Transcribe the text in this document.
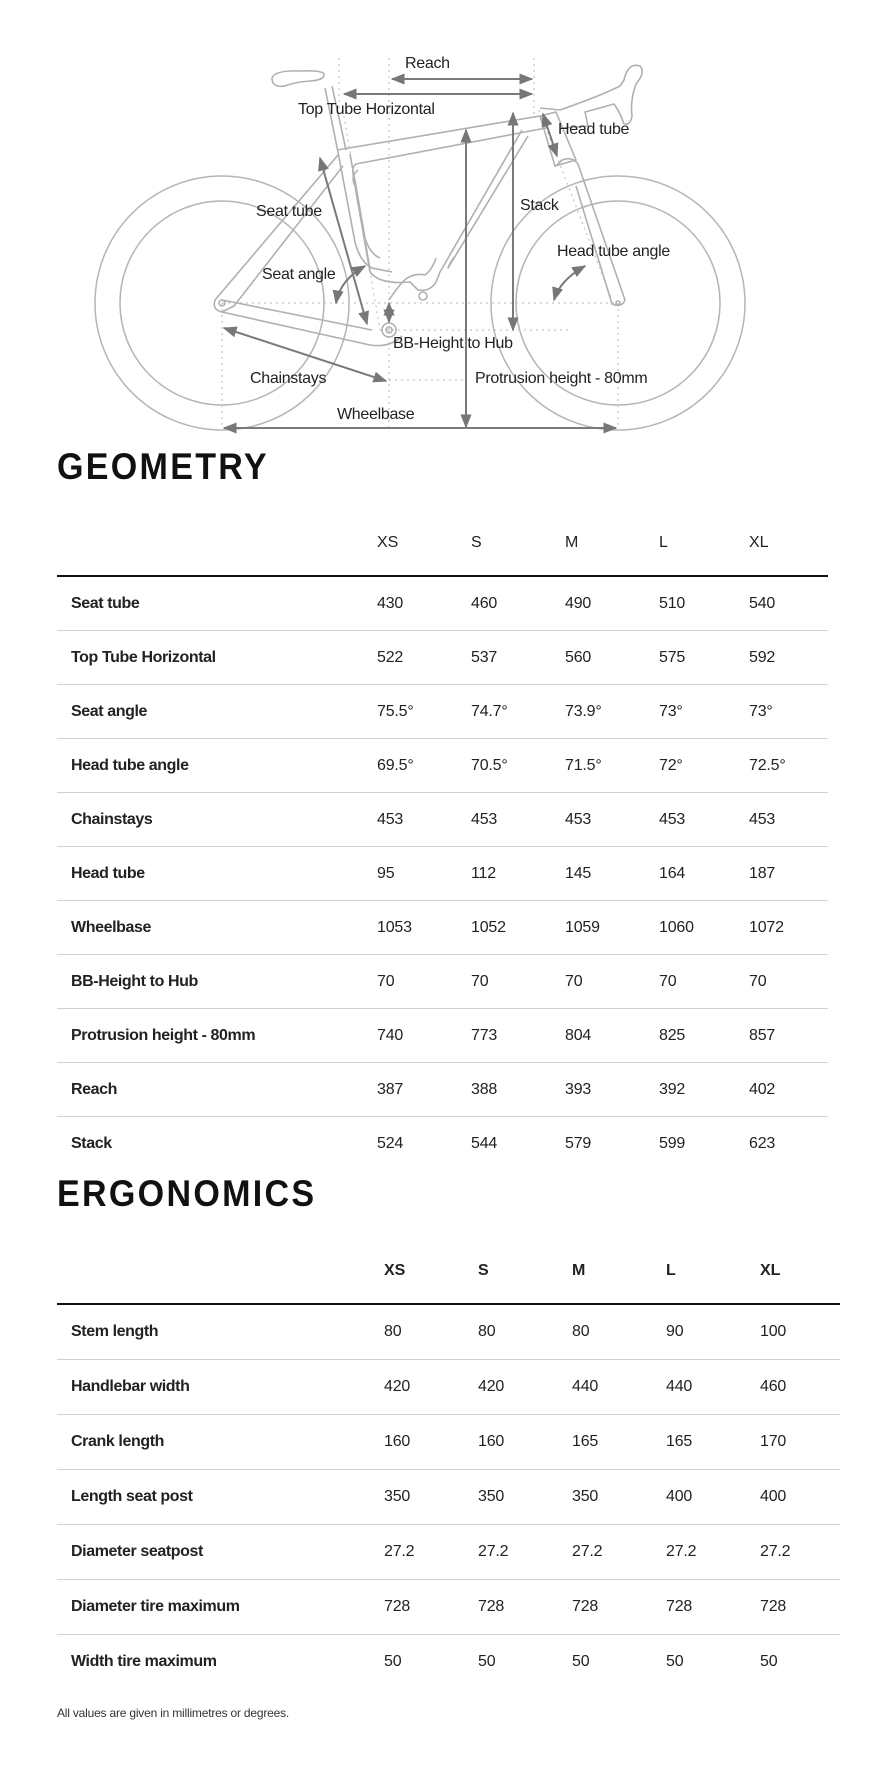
Reach
Top Tube Horizontal
Head tube
Seat tube	Stack
Head tube angle
Seat angle
BB-Height to Hub
Chainstays	Protrusion height - 80mm
Wheelbase
GEOMETRY
	XS	S	M	L	XL
Seat tube	430	460	490	510	540
Top Tube Horizontal	522	537	560	575	592
Seat angle	75.5°	74.7°	73.9°	73°	73°
Head tube angle	69.5°	70.5°	71.5°	72°	72.5°
Chainstays	453	453	453	453	453
Head tube	95	112	145	164	187
Wheelbase	1053	1052	1059	1060	1072
BB-Height to Hub	70	70	70	70	70
Protrusion height - 80mm	740	773	804	825	857
Reach	387	388	393	392	402
Stack	524	544	579	599	623
ERGONOMICS
	XS	S	M	L	XL
Stem length	80	80	80	90	100
Handlebar width	420	420	440	440	460
Crank length	160	160	165	165	170
Length seat post	350	350	350	400	400
Diameter seatpost	27.2	27.2	27.2	27.2	27.2
Diameter tire maximum	728	728	728	728	728
Width tire maximum	50	50	50	50	50
All values are given in millimetres or degrees.
